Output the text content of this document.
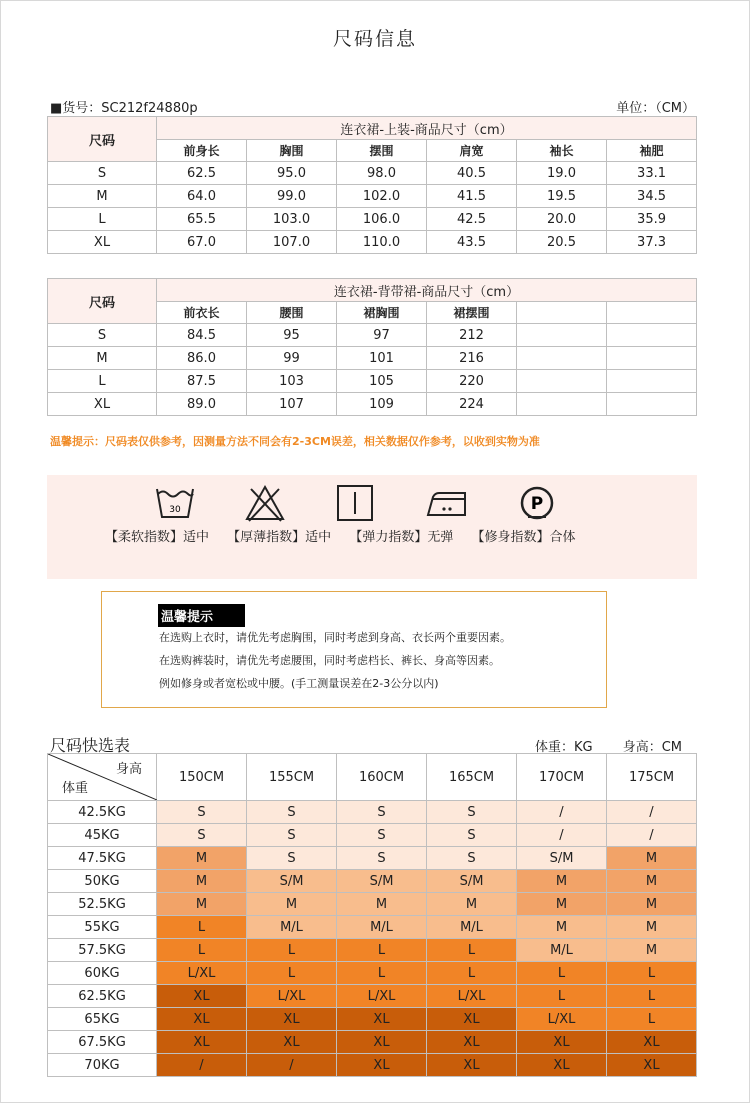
尺码信息
■货号：SC212f24880p	单位：（CM）
尺码	连衣裙-上装-商品尺寸（cm）					
	前身长	胸围	摆围	肩宽	袖长	袖肥
S	62.5	95.0	98.0	40.5	19.0	33.1
M	64.0	99.0	102.0	41.5	19.5	34.5
L	65.5	103.0	106.0	42.5	20.0	35.9
XL	67.0	107.0	110.0	43.5	20.5	37.3
尺码	连衣裙-背带裙-商品尺寸（cm）					
	前衣长	腰围	裙胸围	裙摆围		
S	84.5	95	97	212		
M	86.0	99	101	216		
L	87.5	103	105	220		
XL	89.0	107	109	224		
温馨提示：尺码表仅供参考，因测量方法不同会有2-3CM误差，相关数据仅作参考，以收到实物为准
30	P
【柔软指数】适中 【厚薄指数】适中 【弹力指数】无弹 【修身指数】合体
温馨提示
在选购上衣时，请优先考虑胸围，同时考虑到身高、衣长两个重要因素。
在选购裤装时，请优先考虑腰围，同时考虑档长、裤长、身高等因素。
例如修身或者宽松或中腰。(手工测量误差在2-3公分以内)
尺码快选表	体重：KG 身高：CM
身高
体重	150CM	155CM	160CM	165CM	170CM	175CM
42.5KG	S	S	S	S	/	/
45KG	S	S	S	S	/	/
47.5KG	M	S	S	S	S/M	M
50KG	M	S/M	S/M	S/M	M	M
52.5KG	M	M	M	M	M	M
55KG	L	M/L	M/L	M/L	M	M
57.5KG	L	L	L	L	M/L	M
60KG	L/XL	L	L	L	L	L
62.5KG	XL	L/XL	L/XL	L/XL	L	L
65KG	XL	XL	XL	XL	L/XL	L
67.5KG	XL	XL	XL	XL	XL	XL
70KG	/	/	XL	XL	XL	XL
